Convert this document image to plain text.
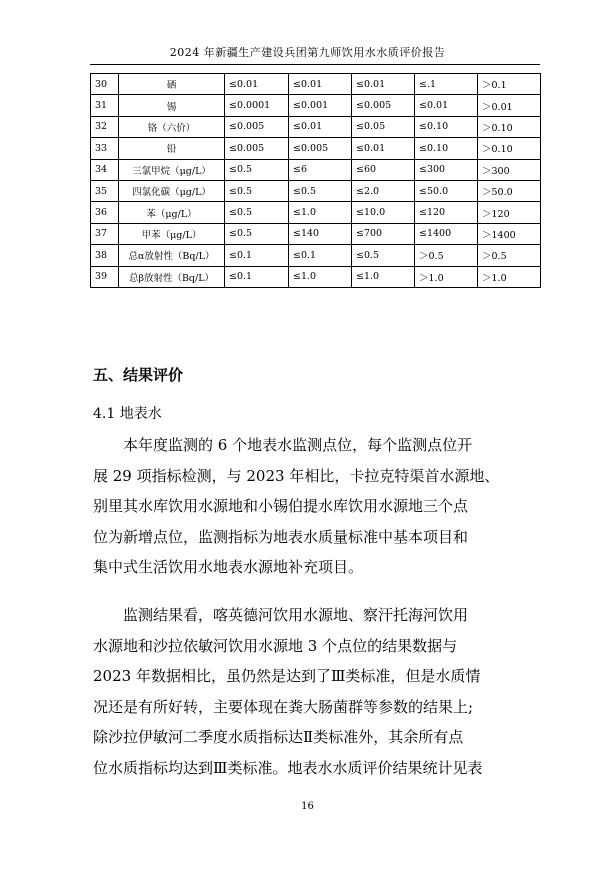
2024 年新疆生产建设兵团第九师饮用水水质评价报告
30	硒	≤0.01	≤0.01	≤0.01	≤.1	＞0.1
31	锡	≤0.0001	≤0.001	≤0.005	≤0.01	＞0.01
32	铬（六价）	≤0.005	≤0.01	≤0.05	≤0.10	＞0.10
33	铅	≤0.005	≤0.005	≤0.01	≤0.10	＞0.10
34	三氯甲烷（μg/L）	≤0.5	≤6	≤60	≤300	＞300
35	四氯化碳（μg/L）	≤0.5	≤0.5	≤2.0	≤50.0	＞50.0
36	苯（μg/L）	≤0.5	≤1.0	≤10.0	≤120	＞120
37	甲苯（μg/L）	≤0.5	≤140	≤700	≤1400	＞1400
38	总α放射性（Bq/L）	≤0.1	≤0.1	≤0.5	＞0.5	＞0.5
39	总β放射性（Bq/L）	≤0.1	≤1.0	≤1.0	＞1.0	＞1.0
五、结果评价
4.1 地表水
　　本年度监测的 6 个地表水监测点位，每个监测点位开
展 29 项指标检测，与 2023 年相比，卡拉克特渠首水源地、
别里其水库饮用水源地和小锡伯提水库饮用水源地三个点
位为新增点位，监测指标为地表水质量标准中基本项目和
集中式生活饮用水地表水源地补充项目。
　　监测结果看，喀英德河饮用水源地、察汗托海河饮用
水源地和沙拉依敏河饮用水源地 3 个点位的结果数据与
2023 年数据相比，虽仍然是达到了Ⅲ类标准，但是水质情
况还是有所好转，主要体现在粪大肠菌群等参数的结果上;
除沙拉伊敏河二季度水质指标达Ⅱ类标准外，其余所有点
位水质指标均达到Ⅲ类标准。地表水水质评价结果统计见表
16
